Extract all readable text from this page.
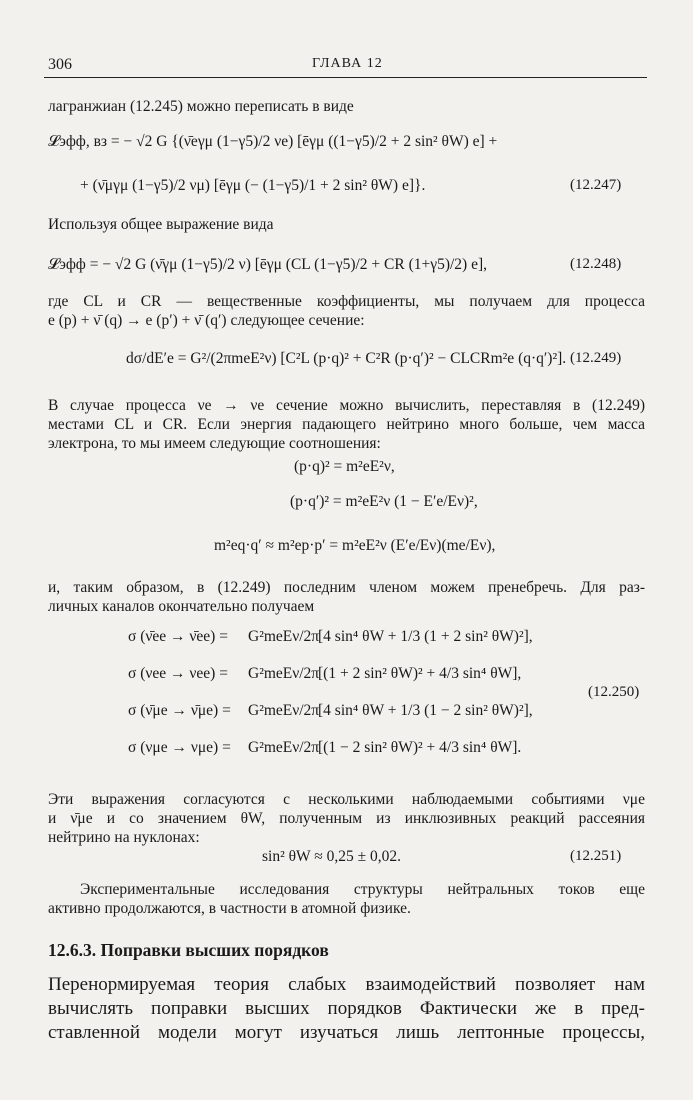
306	ГЛАВА 12
лагранжиан (12.245) можно переписать в виде
𝓛эфф, вз = − √2 G {(ν̄eγμ (1−γ5)/2 νe) [ēγμ ((1−γ5)/2 + 2 sin² θW) e] +
+ (ν̄μγμ (1−γ5)/2 νμ) [ēγμ (− (1−γ5)/1 + 2 sin² θW) e]}.	(12.247)
Используя общее выражение вида
𝓛эфф = − √2 G (ν̄γμ (1−γ5)/2 ν) [ēγμ (CL (1−γ5)/2 + CR (1+γ5)/2) e],	(12.248)
где CL и CR — вещественные коэффициенты, мы получаем для процесса
e (p) + ν̄ (q) → e (p′) + ν̄ (q′) следующее сечение:
dσ/dE′e = G²/(2πmeE²ν) [C²L (p·q)² + C²R (p·q′)² − CLCRm²e (q·q′)²]. (12.249)
В случае процесса νe → νe сечение можно вычислить, переставляя в (12.249)
местами CL и CR. Если энергия падающего нейтрино много больше, чем масса
электрона, то мы имеем следующие соотношения:
(p·q)² = m²eE²ν,
(p·q′)² = m²eE²ν (1 − E′e/Eν)²,
m²eq·q′ ≈ m²ep·p′ = m²eE²ν (E′e/Eν)(me/Eν),
и, таким образом, в (12.249) последним членом можем пренебречь. Для раз-
личных каналов окончательно получаем
σ (ν̄ee → ν̄ee) = G²meEν/2π
[4 sin⁴ θW + 1/3 (1 + 2 sin² θW)²],
σ (νee → νee) = G²meEν/2π
[(1 + 2 sin² θW)² + 4/3 sin⁴ θW],
σ (ν̄μe → ν̄μe) = G²meEν/2π
[4 sin⁴ θW + 1/3 (1 − 2 sin² θW)²],
σ (νμe → νμe) = G²meEν/2π
[(1 − 2 sin² θW)² + 4/3 sin⁴ θW].
(12.250)
Эти выражения согласуются с несколькими наблюдаемыми событиями νμe
и ν̄μe и со значением θW, полученным из инклюзивных реакций рассеяния
нейтрино на нуклонах:
sin² θW ≈ 0,25 ± 0,02.	(12.251)
Экспериментальные исследования структуры нейтральных токов еще
активно продолжаются, в частности в атомной физике.
12.6.3. Поправки высших порядков
Перенормируемая теория слабых взаимодействий позволяет нам
вычислять поправки высших порядков Фактически же в пред-
ставленной модели могут изучаться лишь лептонные процессы,
